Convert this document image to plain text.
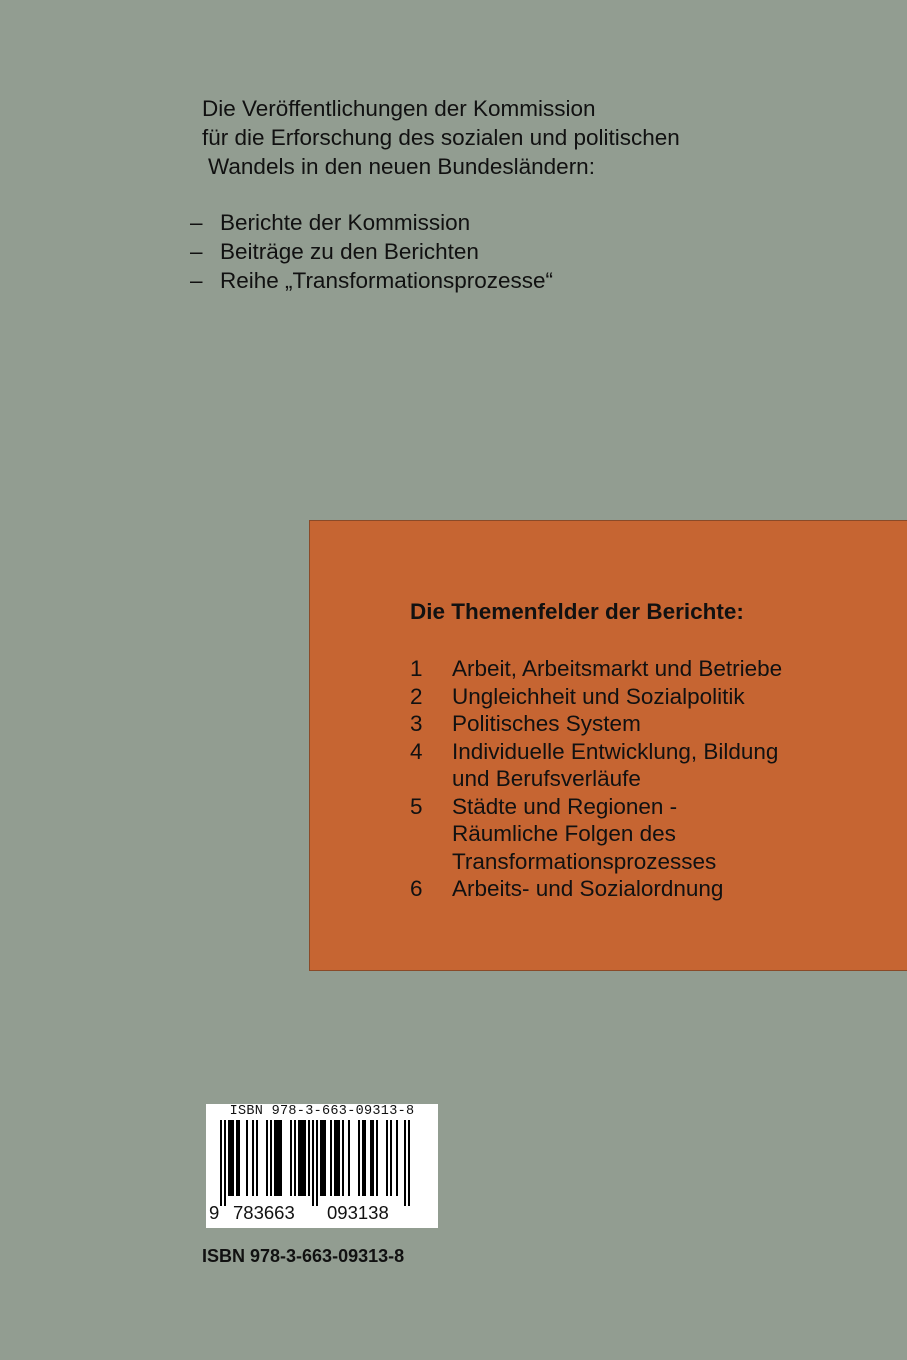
Die Veröffentlichungen der Kommission
für die Erforschung des sozialen und politischen
Wandels in den neuen Bundesländern:
– Berichte der Kommission
– Beiträge zu den Berichten
– Reihe „Transformationsprozesse“
Die Themenfelder der Berichte:
1	Arbeit, Arbeitsmarkt und Betriebe
2	Ungleichheit und Sozialpolitik
3	Politisches System
4	Individuelle Entwicklung, Bildung
und Berufsverläufe
5	Städte und Regionen -
Räumliche Folgen des
Transformationsprozesses
6	Arbeits- und Sozialordnung
ISBN 978-3-663-09313-8
9 783663 093138
ISBN 978-3-663-09313-8
